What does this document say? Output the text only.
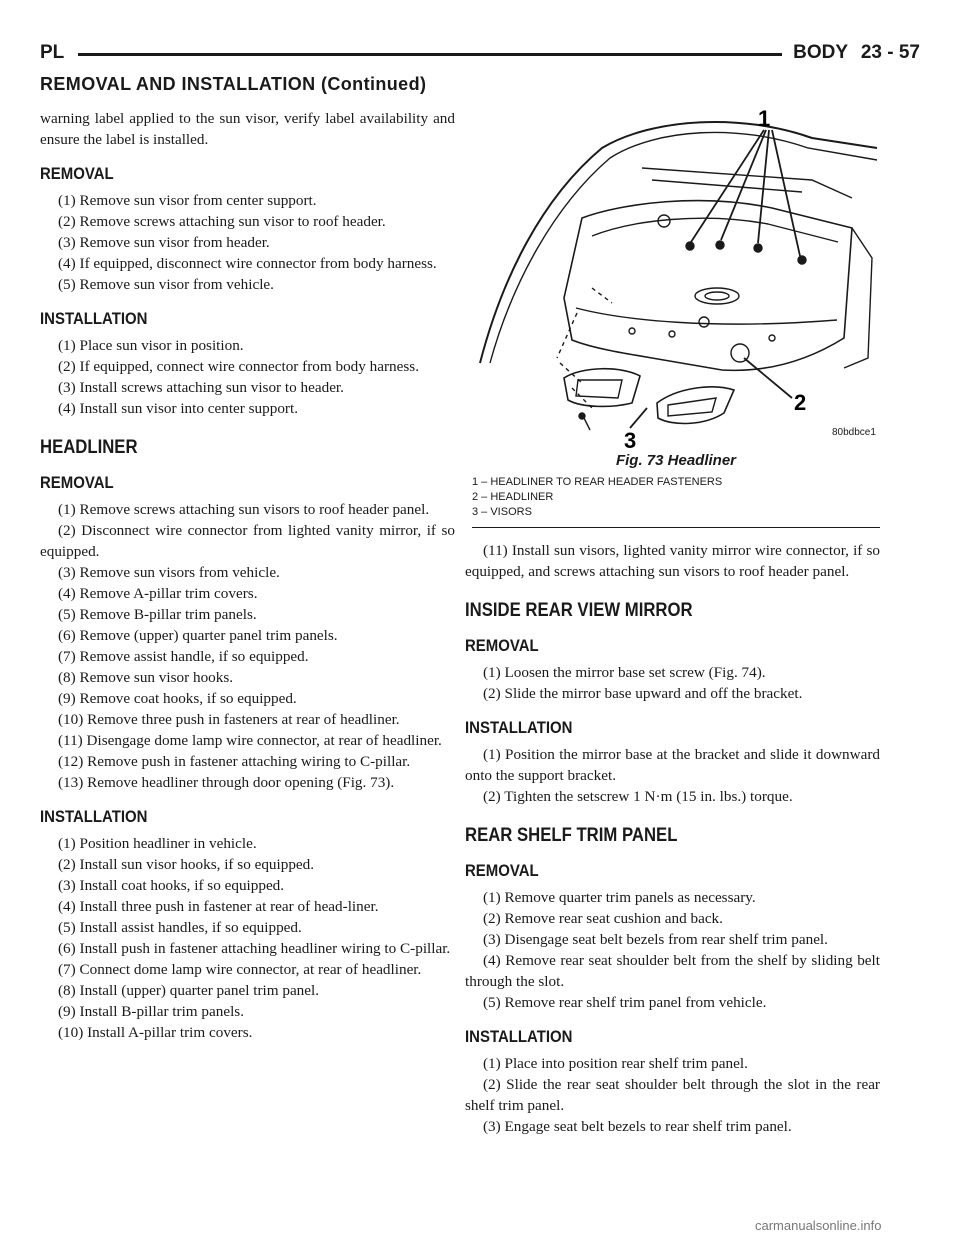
PL	BODY 23 - 57
REMOVAL AND INSTALLATION (Continued)

warning label applied to the sun visor, verify label availability and ensure the label is installed.

REMOVAL

(1) Remove sun visor from center support.

(2) Remove screws attaching sun visor to roof header.

(3) Remove sun visor from header.

(4) If equipped, disconnect wire connector from body harness.

(5) Remove sun visor from vehicle.

INSTALLATION

(1) Place sun visor in position.

(2) If equipped, connect wire connector from body harness.

(3) Install screws attaching sun visor to header.

(4) Install sun visor into center support.

HEADLINER
REMOVAL

(1) Remove screws attaching sun visors to roof header panel.

(2) Disconnect wire connector from lighted vanity mirror, if so equipped.

(3) Remove sun visors from vehicle.

(4) Remove A-pillar trim covers.

(5) Remove B-pillar trim panels.

(6) Remove (upper) quarter panel trim panels.

(7) Remove assist handle, if so equipped.

(8) Remove sun visor hooks.

(9) Remove coat hooks, if so equipped.

(10) Remove three push in fasteners at rear of headliner.

(11) Disengage dome lamp wire connector, at rear of headliner.

(12) Remove push in fastener attaching wiring to C-pillar.

(13) Remove headliner through door opening (Fig. 73).

INSTALLATION

(1) Position headliner in vehicle.

(2) Install sun visor hooks, if so equipped.

(3) Install coat hooks, if so equipped.

(4) Install three push in fastener at rear of head-liner.

(5) Install assist handles, if so equipped.

(6) Install push in fastener attaching headliner wiring to C-pillar.

(7) Connect dome lamp wire connector, at rear of headliner.

(8) Install (upper) quarter panel trim panel.

(9) Install B-pillar trim panels.

(10) Install A-pillar trim covers.

1
2
3	80bdbce1
Fig. 73 Headliner
1 – HEADLINER TO REAR HEADER FASTENERS
2 – HEADLINER
3 – VISORS

(11) Install sun visors, lighted vanity mirror wire connector, if so equipped, and screws attaching sun visors to roof header panel.

INSIDE REAR VIEW MIRROR
REMOVAL

(1) Loosen the mirror base set screw (Fig. 74).

(2) Slide the mirror base upward and off the bracket.

INSTALLATION

(1) Position the mirror base at the bracket and slide it downward onto the support bracket.

(2) Tighten the setscrew 1 N·m (15 in. lbs.) torque.

REAR SHELF TRIM PANEL
REMOVAL

(1) Remove quarter trim panels as necessary.

(2) Remove rear seat cushion and back.

(3) Disengage seat belt bezels from rear shelf trim panel.

(4) Remove rear seat shoulder belt from the shelf by sliding belt through the slot.

(5) Remove rear shelf trim panel from vehicle.

INSTALLATION

(1) Place into position rear shelf trim panel.

(2) Slide the rear seat shoulder belt through the slot in the rear shelf trim panel.

(3) Engage seat belt bezels to rear shelf trim panel.

carmanualsonline.info
